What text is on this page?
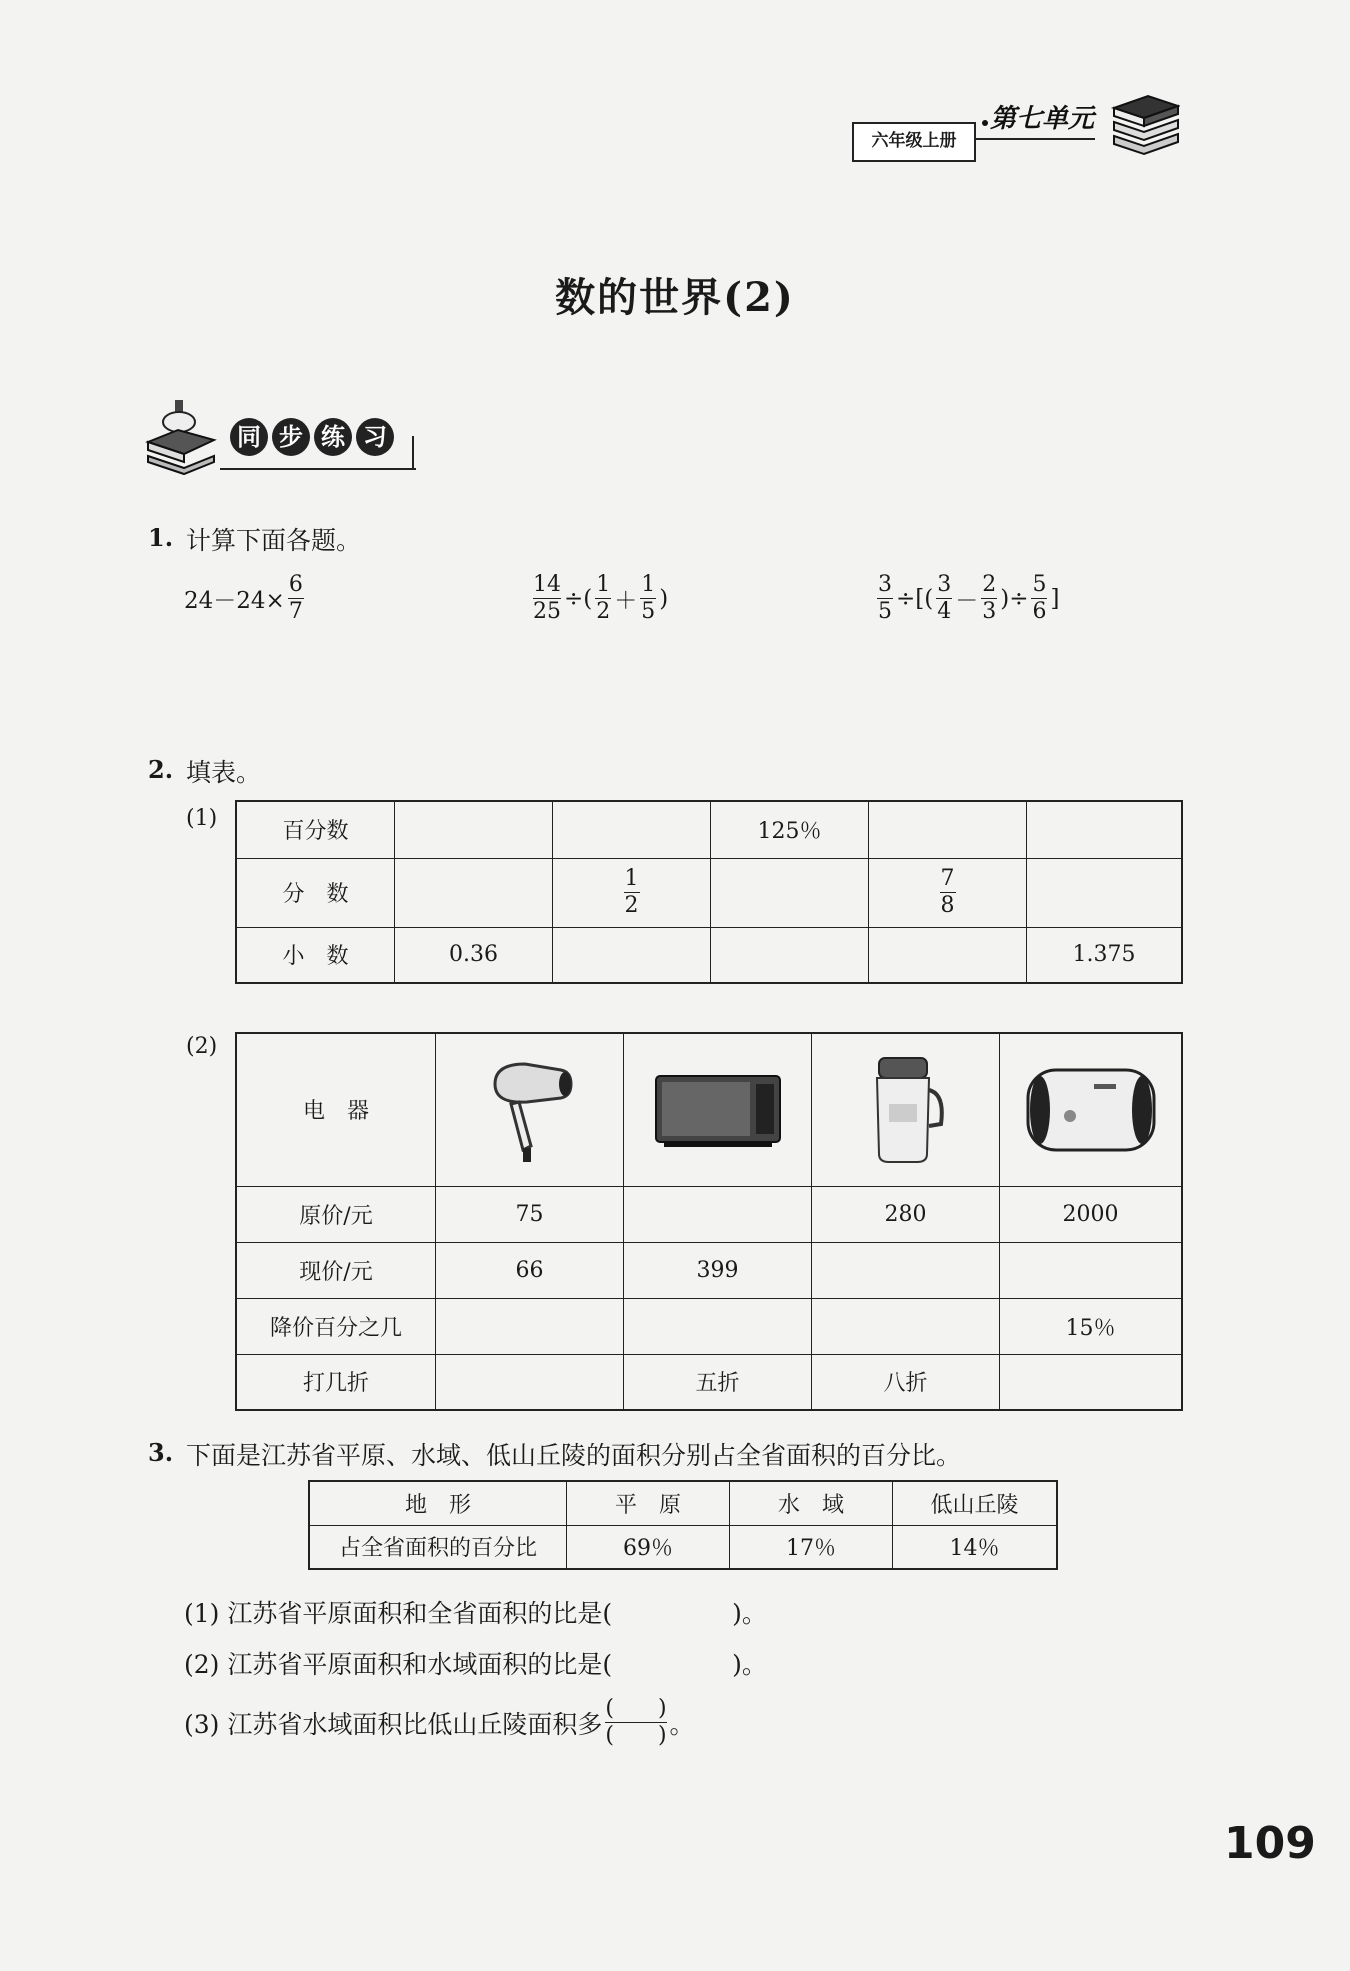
六年级上册
第七单元
数的世界(2)
同 步 练 习
1. 计算下面各题。
$24-24\times \frac{6}{7}$	$\frac{14}{25}$ ÷( $\frac{1}{2} + \frac{1}{5}$ )	$\frac{3}{5}$ ÷[( $\frac{3}{4} - \frac{2}{3}$ )÷ $\frac{5}{6}$ ]
2. 填表。
(1)
百分数			125％		
分　数		$\frac{1}{2}$		$\frac{7}{8}$

小　数	0.36				1.375
(2)
电　器	

原价/元	75		280	2000
现价/元	66	399		
降价百分之几				15％
打几折		五折	八折	
3. 下面是江苏省平原、水域、低山丘陵的面积分别占全省面积的百分比。
地　形	平　原	水　域	低山丘陵
占全省面积的百分比	69％	17％	14％
(1) 江苏省平原面积和全省面积的比是(	)。
(2) 江苏省平原面积和水域面积的比是(	)。
(3) 江苏省水域面积比低山丘陵面积多 $\frac{( )}{( )}$ 。
109
